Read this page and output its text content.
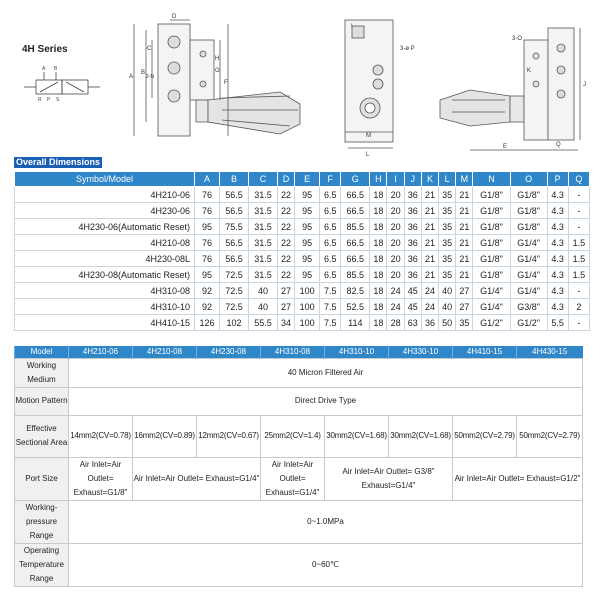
4H Series
A B
R P S
D
C
B
A
H
G
F
2-N
3-ø P
M
L
I
3-O
K
J
E	Q
Overall Dimensions
Symbol/Model	A	B	C	D	E	F	G	H	I	J	K	L	M	N	O	P	Q
4H210-06	76	56.5	31.5	22	95	6.5	66.5	18	20	36	21	35	21	G1/8"	G1/8"	4.3	-
4H230-06	76	56.5	31.5	22	95	6.5	66.5	18	20	36	21	35	21	G1/8"	G1/8"	4.3	-
4H230-06(Automatic Reset)	95	75.5	31.5	22	95	6.5	85.5	18	20	36	21	35	21	G1/8"	G1/8"	4.3	-
4H210-08	76	56.5	31.5	22	95	6.5	66.5	18	20	36	21	35	21	G1/8"	G1/4"	4.3	1.5
4H230-08L	76	56.5	31.5	22	95	6.5	66.5	18	20	36	21	35	21	G1/8"	G1/4"	4.3	1.5
4H230-08(Automatic Reset)	95	72.5	31.5	22	95	6.5	85.5	18	20	36	21	35	21	G1/8"	G1/4"	4.3	1.5
4H310-08	92	72.5	40	27	100	7.5	82.5	18	24	45	24	40	27	G1/4"	G1/4"	4.3	-
4H310-10	92	72.5	40	27	100	7.5	52.5	18	24	45	24	40	27	G1/4"	G3/8"	4.3	2
4H410-15	126	102	55.5	34	100	7.5	114	18	28	63	36	50	35	G1/2"	G1/2"	5.5	-
Model	4H210-06	4H210-08	4H230-08	4H310-08	4H310-10	4H330-10	4H410-15	4H430-15
Working Medium	40 Micron Filtered Air							
Motion Pattern	Direct Drive Type							
Effective Sectional Area	14mm2(CV=0.78)	16mm2(CV=0.89)	12mm2(CV=0.67)	25mm2(CV=1.4)	30mm2(CV=1.68)	30mm2(CV=1.68)	50mm2(CV=2.79)	50mm2(CV=2.79)
Port Size	Air Inlet=Air Outlet= Exhaust=G1/8"	Air Inlet=Air Outlet= Exhaust=G1/4"		Air Inlet=Air Outlet= Exhaust=G1/4"	Air Inlet=Air Outlet= G3/8" Exhaust=G1/4"		Air Inlet=Air Outlet= Exhaust=G1/2"	
Working-pressure Range	0~1.0MPa							
Operating Temperature Range	0~60℃							
